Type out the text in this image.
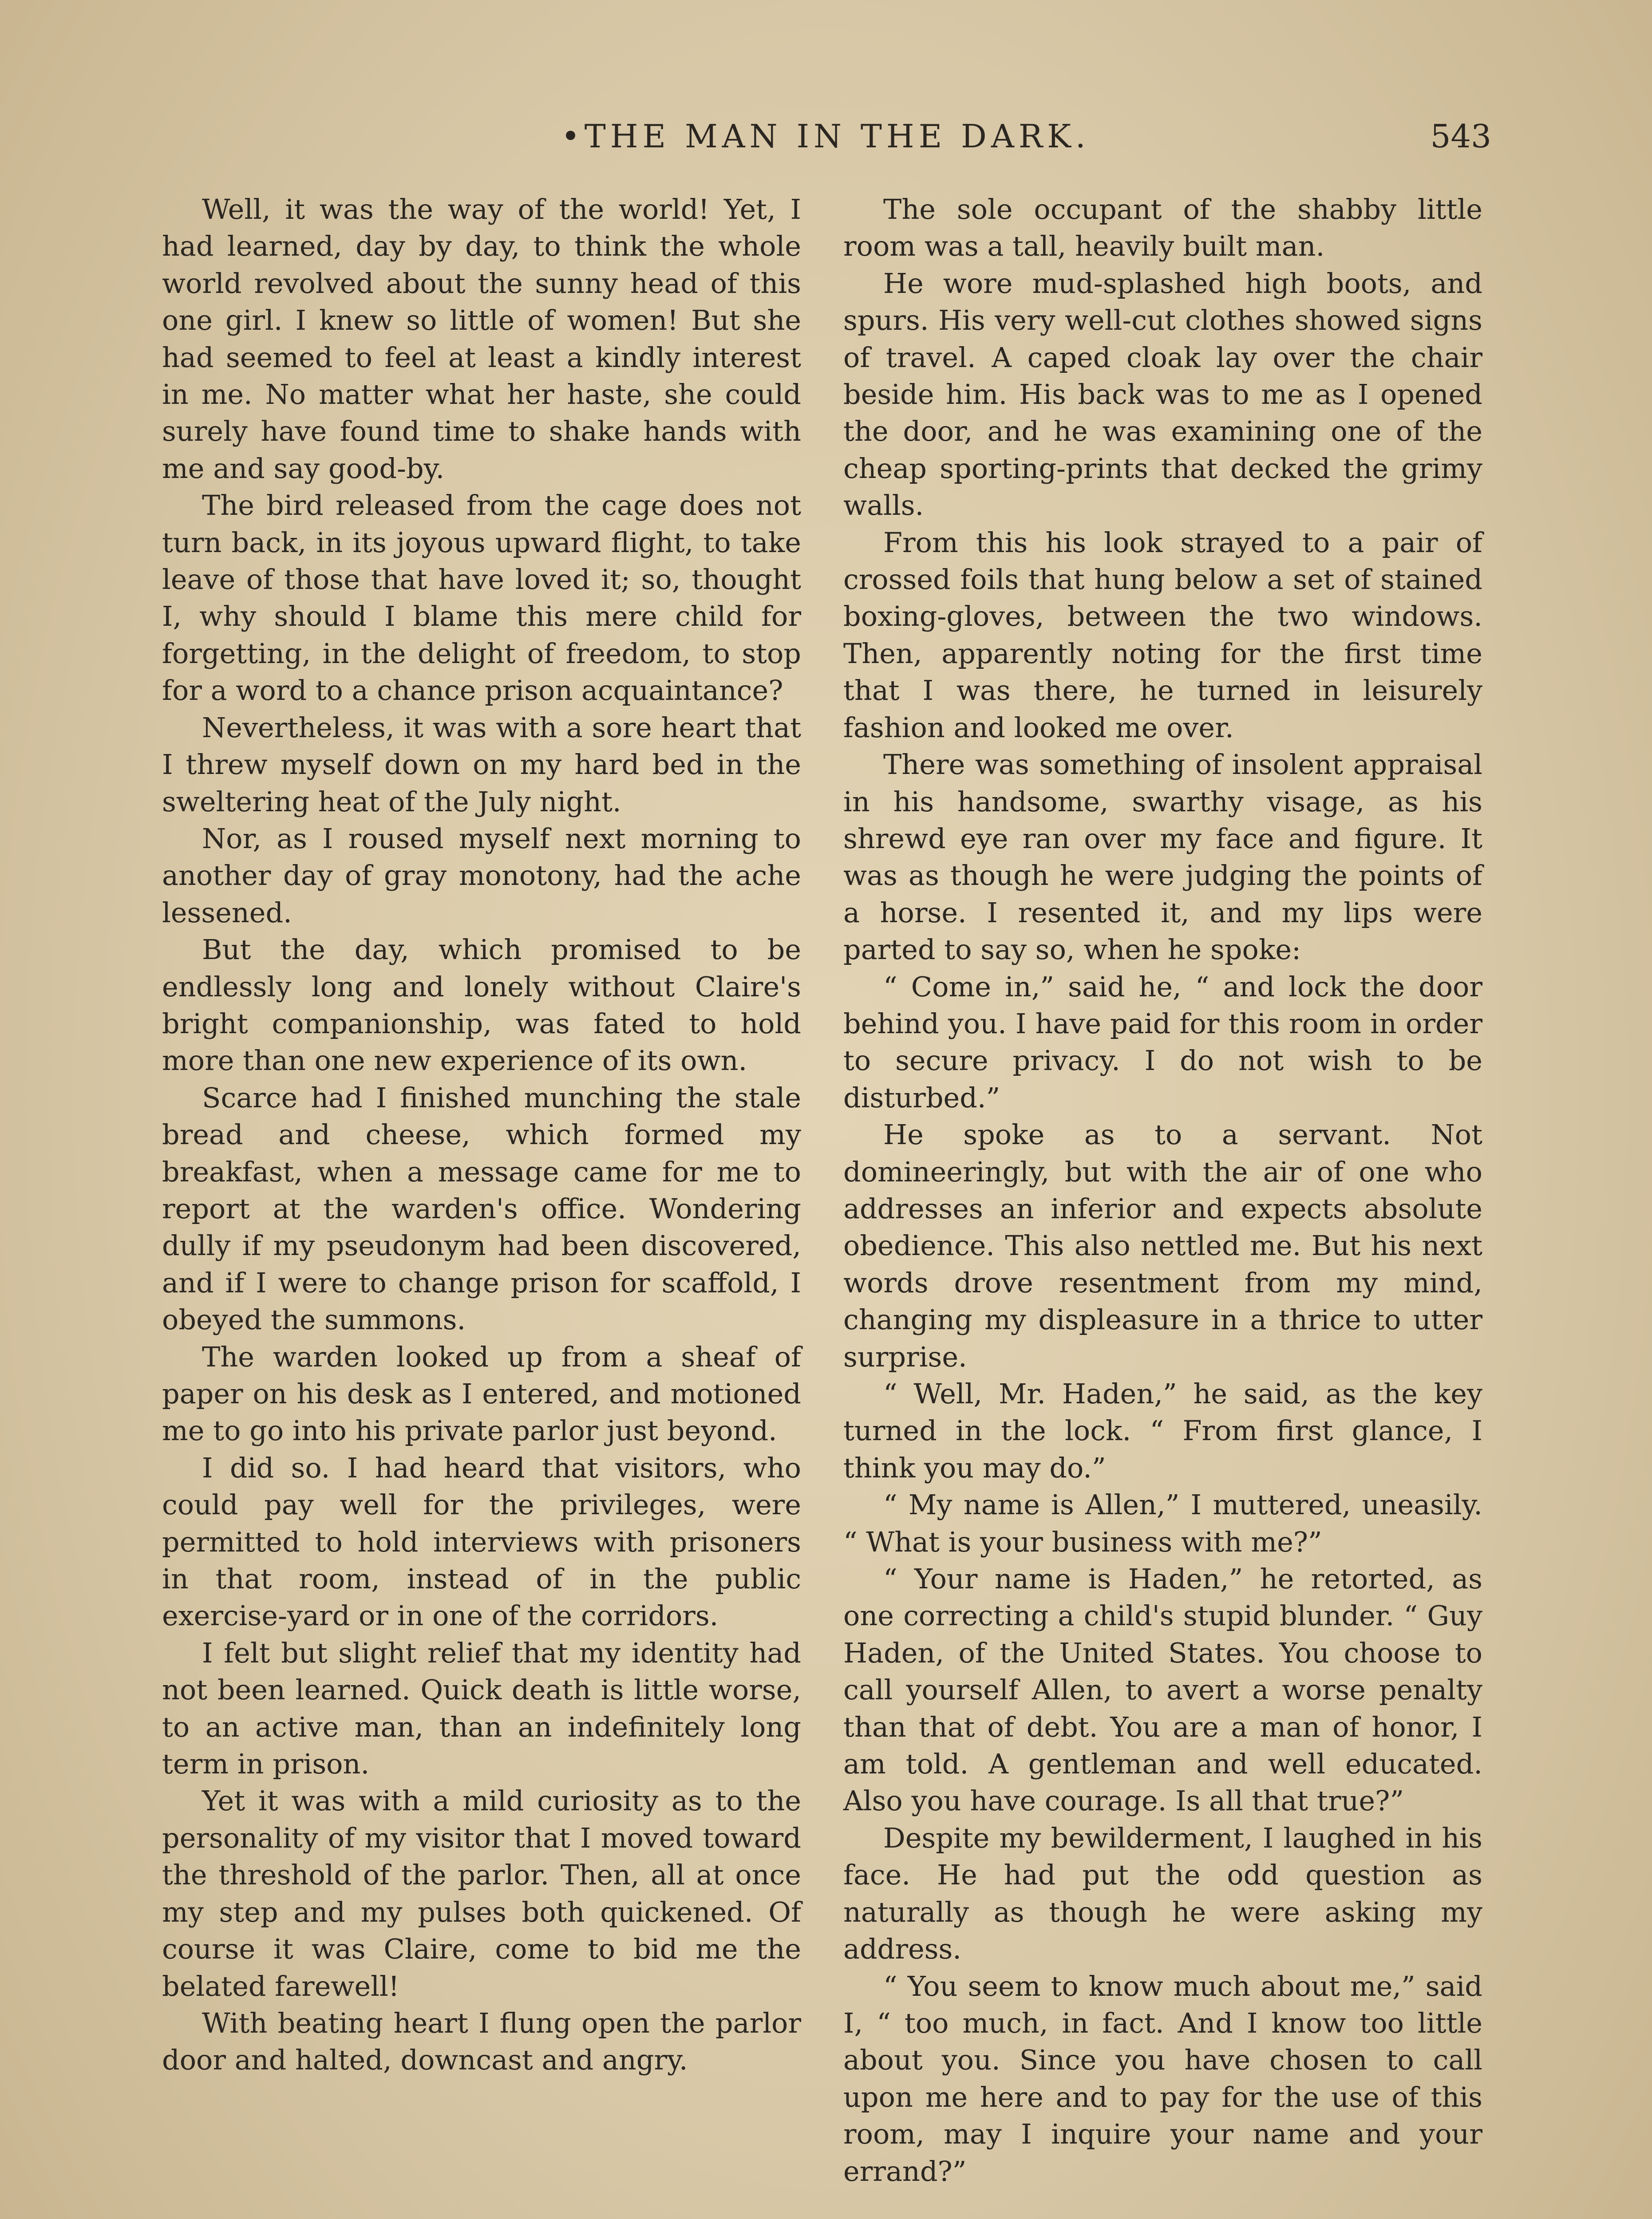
•THE MAN IN THE DARK.	543

Well, it was the way of the world! Yet, I had learned, day by day, to think the whole world revolved about the sunny head of this one girl. I knew so little of women! But she had seemed to feel at least a kindly interest in me. No matter what her haste, she could surely have found time to shake hands with me and say good-by.

The bird released from the cage does not turn back, in its joyous upward flight, to take leave of those that have loved it; so, thought I, why should I blame this mere child for forgetting, in the delight of freedom, to stop for a word to a chance prison acquaintance?

Nevertheless, it was with a sore heart that I threw myself down on my hard bed in the sweltering heat of the July night.

Nor, as I roused myself next morning to another day of gray monotony, had the ache lessened.

But the day, which promised to be endlessly long and lonely without Claire's bright companionship, was fated to hold more than one new experience of its own.

Scarce had I finished munching the stale bread and cheese, which formed my breakfast, when a message came for me to report at the warden's office. Wondering dully if my pseudonym had been discovered, and if I were to change prison for scaffold, I obeyed the summons.

The warden looked up from a sheaf of paper on his desk as I entered, and motioned me to go into his private parlor just beyond.

I did so. I had heard that visitors, who could pay well for the privileges, were permitted to hold interviews with prisoners in that room, instead of in the public exercise-yard or in one of the corridors.

I felt but slight relief that my identity had not been learned. Quick death is little worse, to an active man, than an indefinitely long term in prison.

Yet it was with a mild curiosity as to the personality of my visitor that I moved toward the threshold of the parlor. Then, all at once my step and my pulses both quickened. Of course it was Claire, come to bid me the belated farewell!

With beating heart I flung open the parlor door and halted, downcast and angry.

The sole occupant of the shabby little room was a tall, heavily built man.

He wore mud-splashed high boots, and spurs. His very well-cut clothes showed signs of travel. A caped cloak lay over the chair beside him. His back was to me as I opened the door, and he was examining one of the cheap sporting-prints that decked the grimy walls.

From this his look strayed to a pair of crossed foils that hung below a set of stained boxing-gloves, between the two windows. Then, apparently noting for the first time that I was there, he turned in leisurely fashion and looked me over.

There was something of insolent appraisal in his handsome, swarthy visage, as his shrewd eye ran over my face and figure. It was as though he were judging the points of a horse. I resented it, and my lips were parted to say so, when he spoke:

“ Come in,” said he, “ and lock the door behind you. I have paid for this room in order to secure privacy. I do not wish to be disturbed.”

He spoke as to a servant. Not domineeringly, but with the air of one who addresses an inferior and expects absolute obedience. This also nettled me. But his next words drove resentment from my mind, changing my displeasure in a thrice to utter surprise.

“ Well, Mr. Haden,” he said, as the key turned in the lock. “ From first glance, I think you may do.”

“ My name is Allen,” I muttered, uneasily. “ What is your business with me?”

“ Your name is Haden,” he retorted, as one correcting a child's stupid blunder. “ Guy Haden, of the United States. You choose to call yourself Allen, to avert a worse penalty than that of debt. You are a man of honor, I am told. A gentleman and well educated. Also you have courage. Is all that true?”

Despite my bewilderment, I laughed in his face. He had put the odd question as naturally as though he were asking my address.

“ You seem to know much about me,” said I, “ too much, in fact. And I know too little about you. Since you have chosen to call upon me here and to pay for the use of this room, may I inquire your name and your errand?”
